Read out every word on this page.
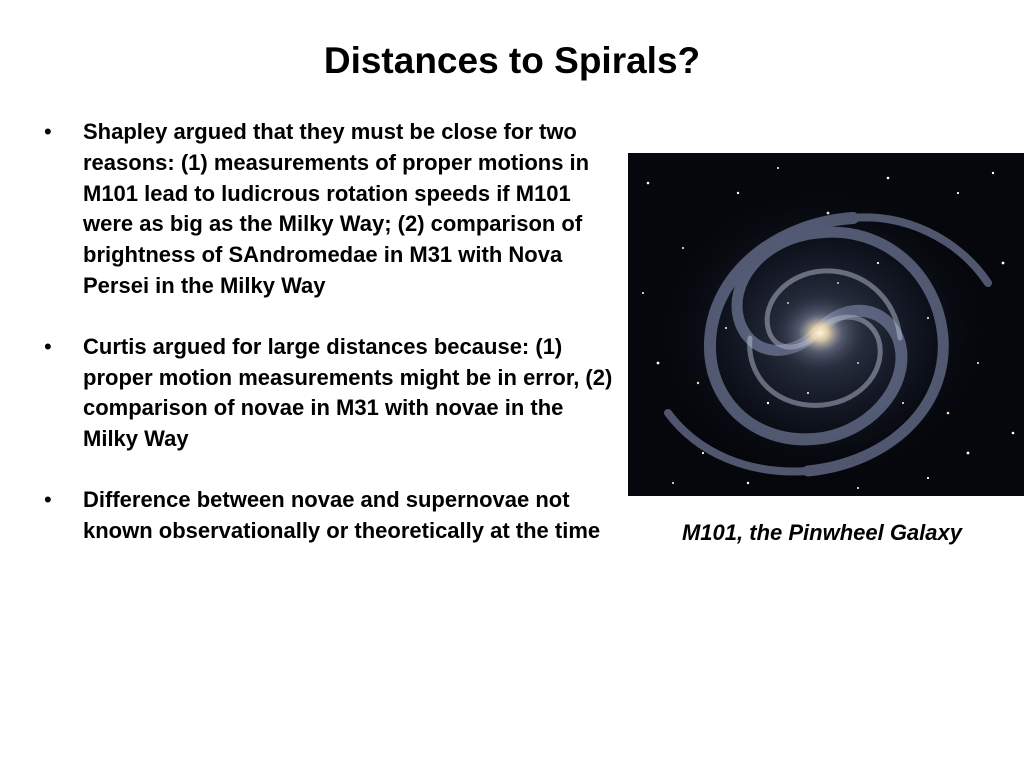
Distances to Spirals?
• Shapley argued that they must be close for two reasons: (1) measurements of proper motions in M101 lead to ludicrous rotation speeds if M101 were as big as the Milky Way; (2) comparison of brightness of SAndromedae in M31 with Nova Persei in the Milky Way
• Curtis argued for large distances because: (1) proper motion measurements might be in error, (2) comparison of novae in M31 with novae in the Milky Way
• Difference between novae and supernovae not known observationally or theoretically at the time	M101, the Pinwheel Galaxy
